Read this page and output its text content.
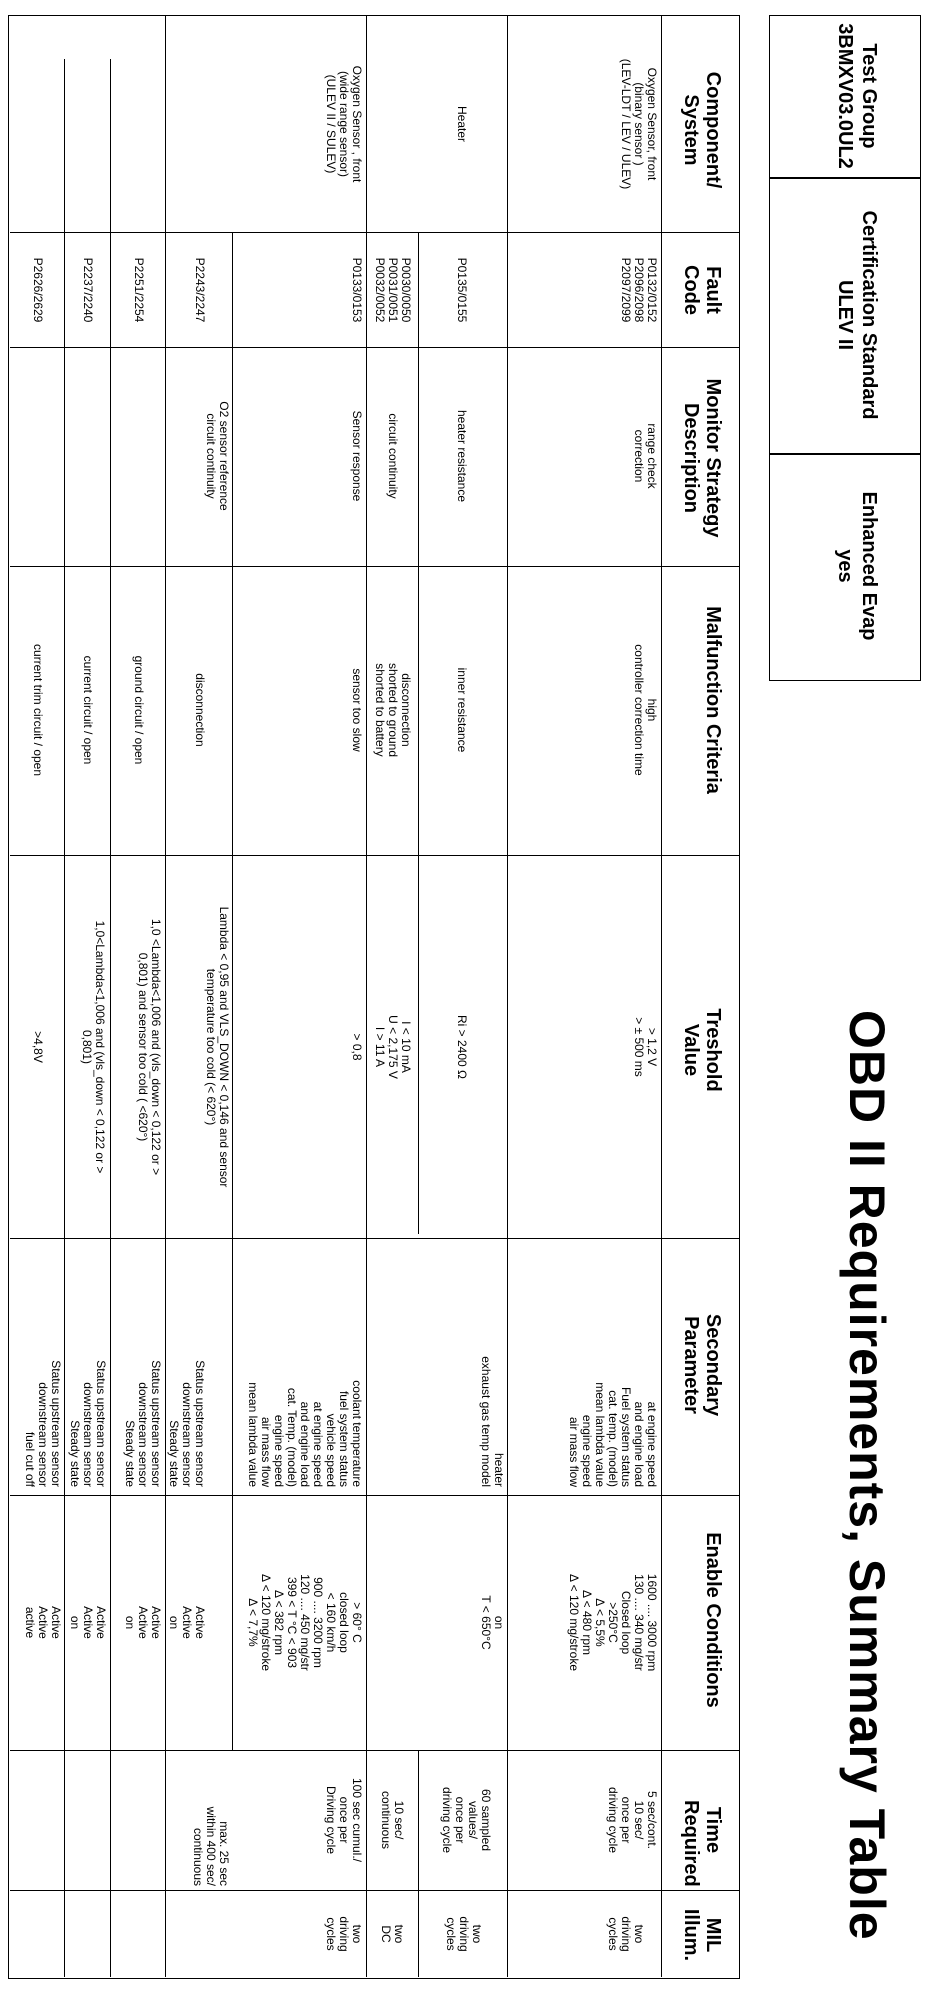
OBD II Requirements, Summary Table
Test Group
3BMXV03.0UL2
Certification Standard
ULEV II
Enhanced Evap
yes
Component/ System
Fault Code
Monitor Strategy Description
Malfunction Criteria
Treshold Value
Secondary Parameter
Enable Conditions
Time Required
MIL Illum.
Oxygen Sensor, front
(binary sensor )
(LEV-LDT / LEV / ULEV)
P0132/0152
P2096/2098
P2097/2099
range check
correction
high
controller correction time
> 1,2 V
> ± 500 ms
at engine speed
and engine load
Fuel system status
cat. temp. (model)
mean lambda value
engine speed
air mass flow
1600 .... 3000 rpm
130 .... 340 mg/str
Closed loop
>250°C
Δ < 5,5%
Δ < 480 rpm
Δ < 120 mg/stroke
5 sec/cont.
10 sec/
once per
driving cycle
two
driving
cycles
Heater
P0135/0155
heater resistance
inner resistance
Ri > 2400 Ω
heater
exhaust gas temp model
on
T < 650°C
60 sampled
values/
once per
driving cycle
two
driving
cycles
P0030/0050
P0031/0051
P0032/0052
circuit continuity
disconnection
shorted to ground
shorted to battery
I < 10 mA
U < 2,175 V
I > 11 A
10 sec/
continuous
two
DC
Oxygen Sensor , front
(wide range sensor)
(ULEV II / SULEV)
P0133/0153
Sensor response
sensor too slow
> 0,8
coolant temperature
fuel system status
vehicle speed
at engine speed
and engine load
cat. Temp. (model)
engine speed
air mass flow
mean lambda value
> 60° C
closed loop
< 160 km/h
900 .... 3200 rpm
120 .... 450 mg/str
399 < T °C < 903
Δ < 382 rpm
Δ < 120 mg/stroke
Δ < 7,7%
100 sec cumul./
once per
Driving cycle
two
driving
cycles
P2243/2247
O2 sensor reference
circuit continuity
disconnection
Lambda < 0,95 and VLS_DOWN < 0,146 and sensor
temperature too cold (< 620°)
Status upstream sensor
downstream sensor
Steady state
Active
Active
on
max. 25 sec
within 400 sec/
continuous
P2251/2254
ground circuit / open
1,0 <Lambda<1,006 and (vls_down < 0,122 or >
0,801) and sensor too cold ( <620°)
Status upstream sensor
downstream sensor
Steady state
Active
Active
on
P2237/2240
current circuit / open
1,0<Lambda<1,006 and (vls_down < 0,122 or >
0,801)
Status upstream sensor
downstream sensor
Steady state
Active
Active
on
P2626/2629
current trim circuit / open
>4,8V
Status upstream sensor
downstream sensor
fuel cut off
Active
Active
active
